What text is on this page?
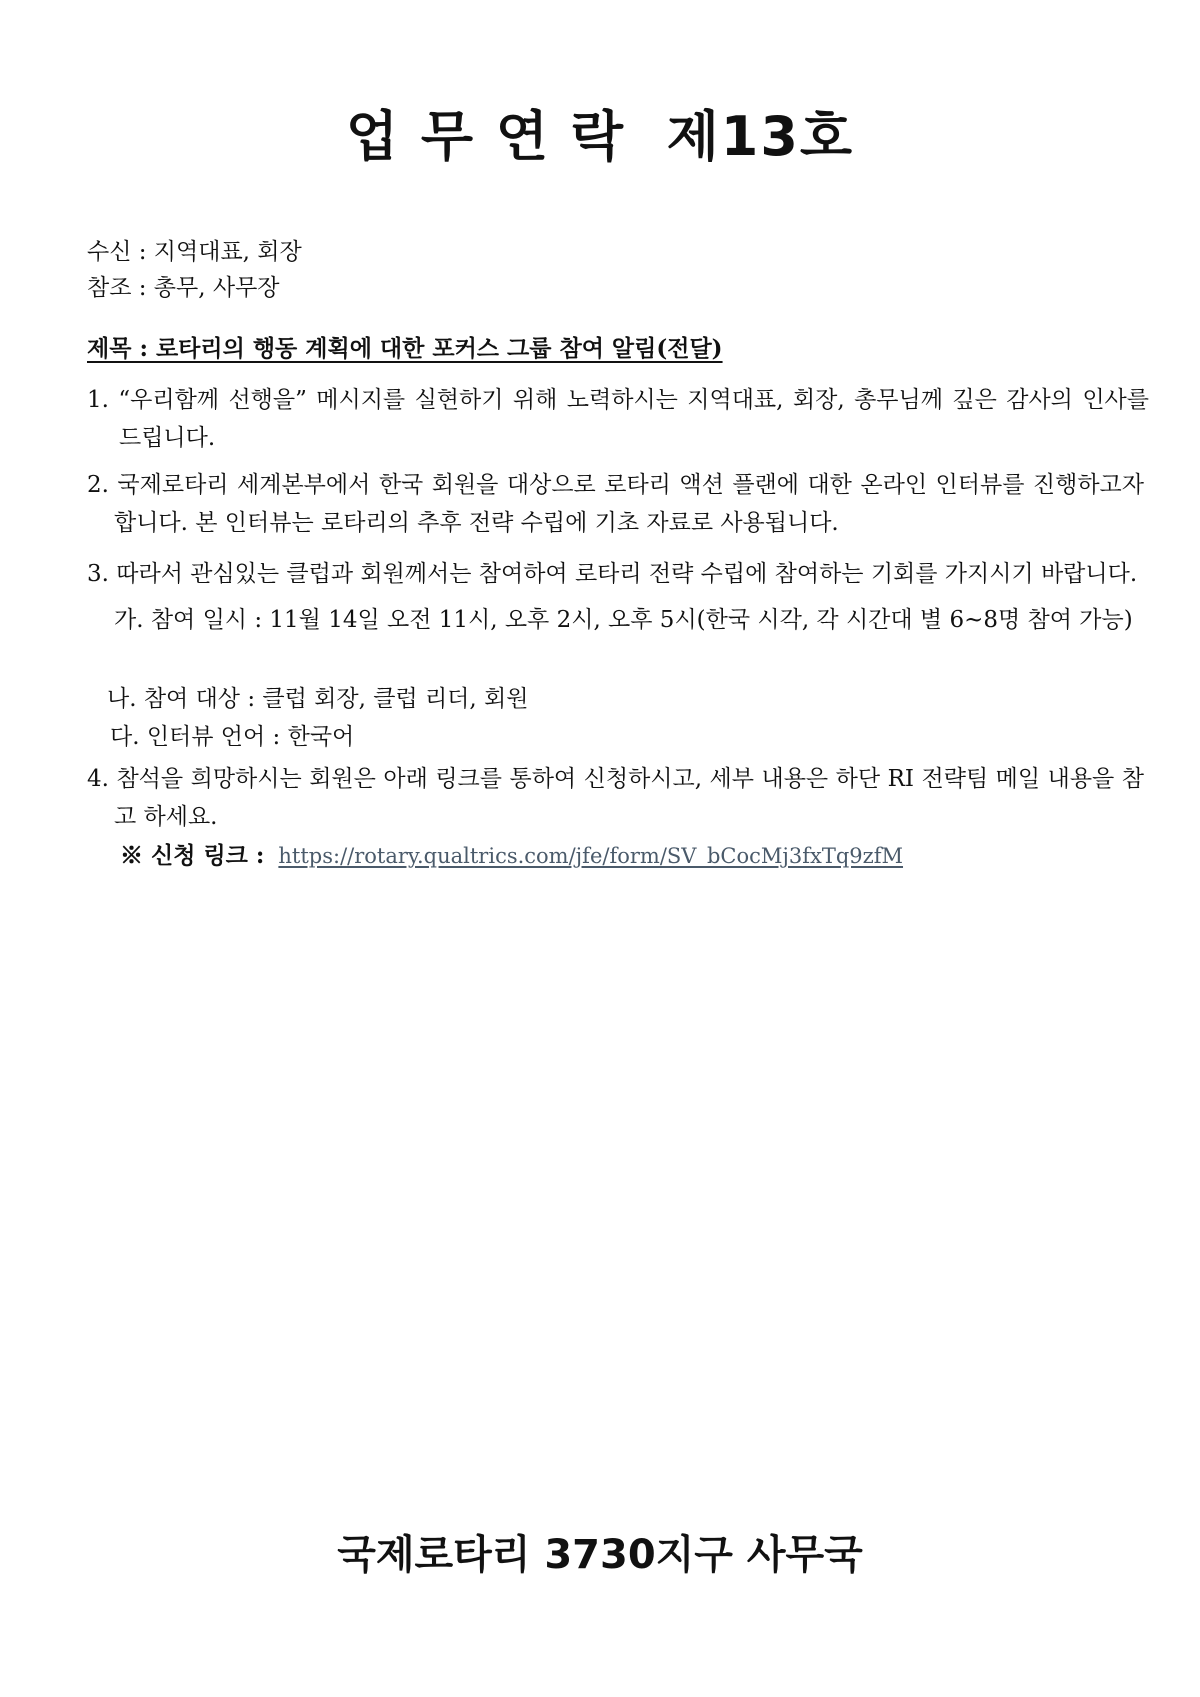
업 무 연 락  제13호
수신 : 지역대표, 회장
참조 : 총무, 사무장
제목 : 로타리의 행동 계획에 대한 포커스 그룹 참여 알림(전달)
1. “우리함께 선행을” 메시지를 실현하기 위해 노력하시는 지역대표, 회장, 총무님께 깊은 감사의 인사를 드립니다.
2. 국제로타리 세계본부에서 한국 회원을 대상으로 로타리 액션 플랜에 대한 온라인 인터뷰를 진행하고자 합니다. 본 인터뷰는 로타리의 추후 전략 수립에 기초 자료로 사용됩니다.
3. 따라서 관심있는 클럽과 회원께서는 참여하여 로타리 전략 수립에 참여하는 기회를 가지시기 바랍니다.
가. 참여 일시 : 11월 14일 오전 11시, 오후 2시, 오후 5시(한국 시각, 각 시간대 별 6~8명 참여 가능)
나. 참여 대상 : 클럽 회장, 클럽 리더, 회원
다. 인터뷰 언어 : 한국어
4. 참석을 희망하시는 회원은 아래 링크를 통하여 신청하시고, 세부 내용은 하단 RI 전략팀 메일 내용을 참고 하세요.
※ 신청 링크 : https://rotary.qualtrics.com/jfe/form/SV_bCocMj3fxTq9zfM
국제로타리 3730지구 사무국
